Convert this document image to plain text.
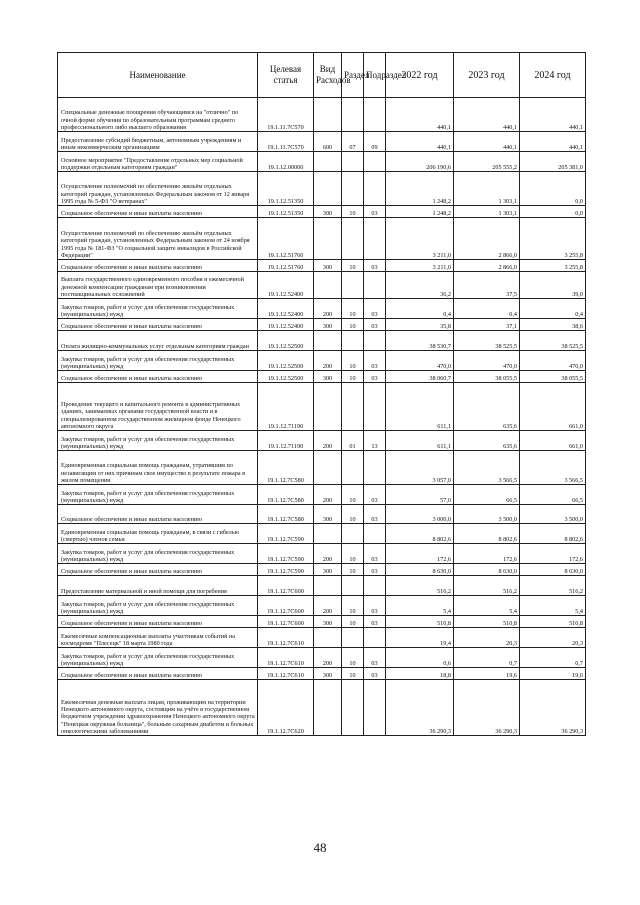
Наименование	Целевая статья	Вид Расходов	Раздел	Подраздел	2022 год	2023 год	2024 год
Специальные денежные поощрения обучающимся на "отлично" по очной форме обучения по образовательным программам среднего профессионального либо высшего образования	19.1.11.7С570				440,1	440,1	440,1
Предоставление субсидий бюджетным, автономным учреждениям и иным некоммерческим организациям	19.1.11.7С570	600	07	09	440,1	440,1	440,1
Основное мероприятие "Предоставление отдельных мер социальной поддержки отдельным категориям граждан"	19.1.12.00000				206 190,6	205 555,2	205 381,0
Осуществление полномочий по обеспечению жильём отдельных категорий граждан, установленных Федеральным законом от 12 января 1995 года № 5-ФЗ "О ветеранах"	19.1.12.51350				1 248,2	1 303,1	0,0
Социальное обеспечение и иные выплаты населению	19.1.12.51350	300	10	03	1 248,2	1 303,1	0,0
Осуществление полномочий по обеспечению жильём отдельных категорий граждан, установленных Федеральным законом от 24 ноября 1995 года № 181-ФЗ "О социальной защите инвалидов в Российской Федерации"	19.1.12.51760				3 211,0	2 866,0	3 255,8
Социальное обеспечение и иные выплаты населению	19.1.12.51760	300	10	03	3 211,0	2 866,0	3 255,8
Выплата государственного единовременного пособия и ежемесячной денежной компенсации гражданам при возникновении поствакцинальных осложнений	19.1.12.52400				36,2	37,5	39,0
Закупка товаров, работ и услуг для обеспечения государственных (муниципальных) нужд	19.1.12.52400	200	10	03	0,4	0,4	0,4
Социальное обеспечение и иные выплаты населению	19.1.12.52400	300	10	03	35,8	37,1	38,6
Оплата жилищно-коммунальных услуг отдельным категориям граждан	19.1.12.52500				38 530,7	38 525,5	38 525,5
Закупка товаров, работ и услуг для обеспечения государственных (муниципальных) нужд	19.1.12.52500	200	10	03	470,0	470,0	470,0
Социальное обеспечение и иные выплаты населению	19.1.12.52500	300	10	03	38 060,7	38 055,5	38 055,5
Проведение текущего и капитального ремонта в административных зданиях, занимаемых органами государственной власти и в специализированном государственном жилищном фонде Ненецкого автономного округа	19.1.12.71190				611,1	635,6	661,0
Закупка товаров, работ и услуг для обеспечения государственных (муниципальных) нужд	19.1.12.71190	200	01	13	611,1	635,6	661,0
Единовременная социальная помощь гражданам, утратившим по независящим от них причинам свое имущество в результате пожара в жилом помещении	19.1.12.7С580				3 057,0	3 566,5	3 566,5
Закупка товаров, работ и услуг для обеспечения государственных (муниципальных) нужд	19.1.12.7С580	200	10	03	57,0	66,5	66,5
Социальное обеспечение и иные выплаты населению	19.1.12.7С580	300	10	03	3 000,0	3 500,0	3 500,0
Единовременная социальная помощь гражданам, в связи с гибелью (смертью) членов семьи	19.1.12.7С590				8 802,6	8 802,6	8 802,6
Закупка товаров, работ и услуг для обеспечения государственных (муниципальных) нужд	19.1.12.7С590	200	10	03	172,6	172,6	172,6
Социальное обеспечение и иные выплаты населению	19.1.12.7С590	300	10	03	8 630,0	8 630,0	8 630,0
Предоставление материальной и иной помощи для погребения	19.1.12.7С600				516,2	516,2	516,2
Закупка товаров, работ и услуг для обеспечения государственных (муниципальных) нужд	19.1.12.7С600	200	10	03	5,4	5,4	5,4
Социальное обеспечение и иные выплаты населению	19.1.12.7С600	300	10	03	510,8	510,8	510,8
Ежемесячные компенсационные выплаты участникам событий на космодроме "Плесецк" 18 марта 1980 года	19.1.12.7С610				19,4	20,3	20,3
Закупка товаров, работ и услуг для обеспечения государственных (муниципальных) нужд	19.1.12.7С610	200	10	03	0,6	0,7	0,7
Социальное обеспечение и иные выплаты населению	19.1.12.7С610	300	10	03	18,8	19,6	19,6
Ежемесячная денежная выплата лицам, проживающим на территории Ненецкого автономного округа, состоящим на учёте в государственном бюджетном учреждении здравоохранения Ненецкого автономного округа "Ненецкая окружная больница", больным сахарным диабетом и больных онкологическими заболеваниями	19.1.12.7С620				36 290,3	36 290,3	36 290,3
48
